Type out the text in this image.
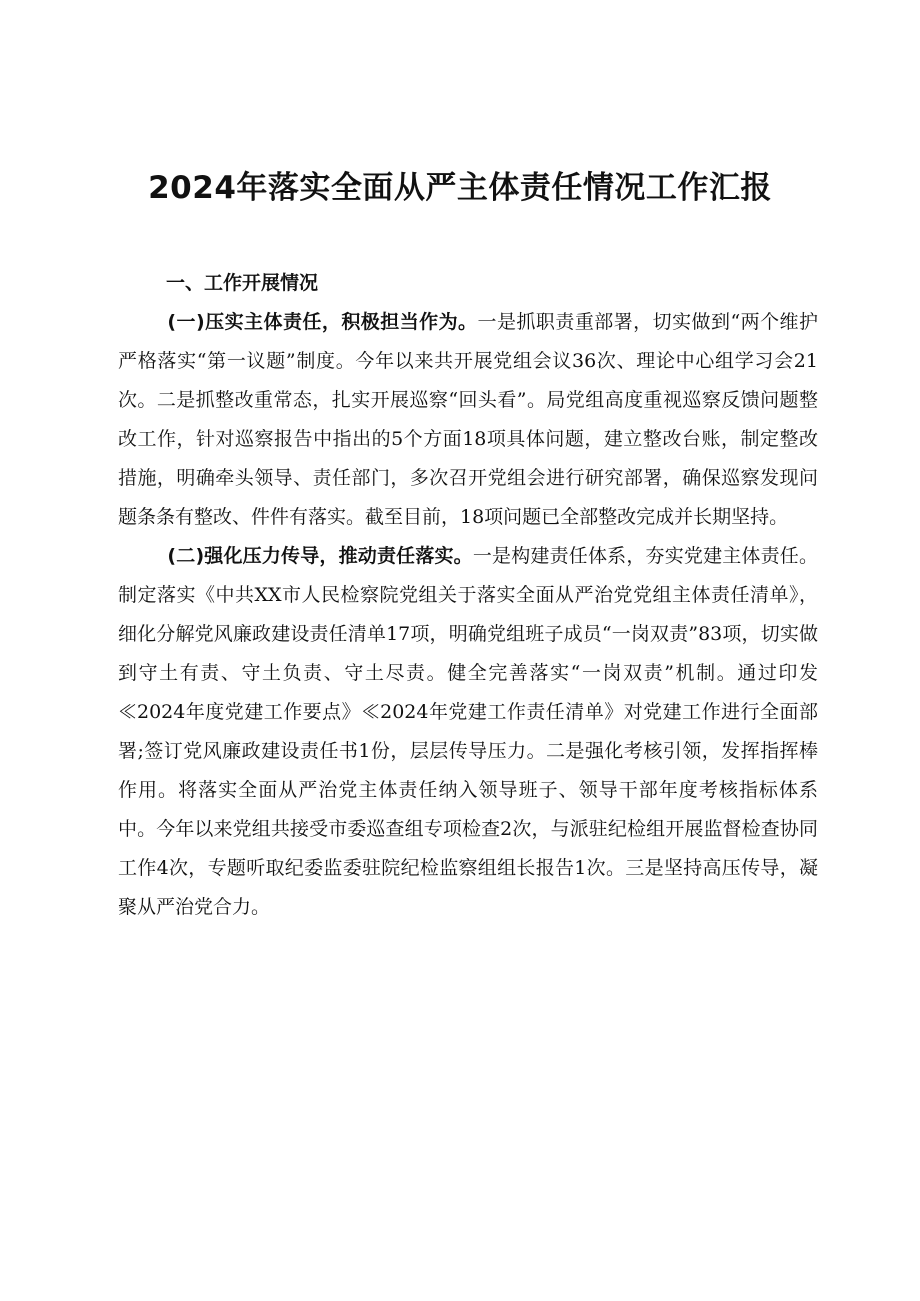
2024年落实全面从严主体责任情况工作汇报

一、工作开展情况

(一)压实主体责任，积极担当作为。一是抓职责重部署，切实做到“两个维护严格落实“第一议题”制度。今年以来共开展党组会议36次、理论中心组学习会21次。二是抓整改重常态，扎实开展巡察“回头看”。局党组高度重视巡察反馈问题整改工作，针对巡察报告中指出的5个方面18项具体问题，建立整改台账，制定整改措施，明确牵头领导、责任部门，多次召开党组会进行研究部署，确保巡察发现问题条条有整改、件件有落实。截至目前，18项问题已全部整改完成并长期坚持。

(二)强化压力传导，推动责任落实。一是构建责任体系，夯实党建主体责任。制定落实《中共XX市人民检察院党组关于落实全面从严治党党组主体责任清单》，细化分解党风廉政建设责任清单17项，明确党组班子成员“一岗双责”83项，切实做到守土有责、守土负责、守土尽责。健全完善落实“一岗双责”机制。通过印发≪2024年度党建工作要点》≪2024年党建工作责任清单》对党建工作进行全面部署;签订党风廉政建设责任书1份，层层传导压力。二是强化考核引领，发挥指挥棒作用。将落实全面从严治党主体责任纳入领导班子、领导干部年度考核指标体系中。今年以来党组共接受市委巡查组专项检查2次，与派驻纪检组开展监督检查协同工作4次，专题听取纪委监委驻院纪检监察组组长报告1次。三是坚持高压传导，凝聚从严治党合力。
